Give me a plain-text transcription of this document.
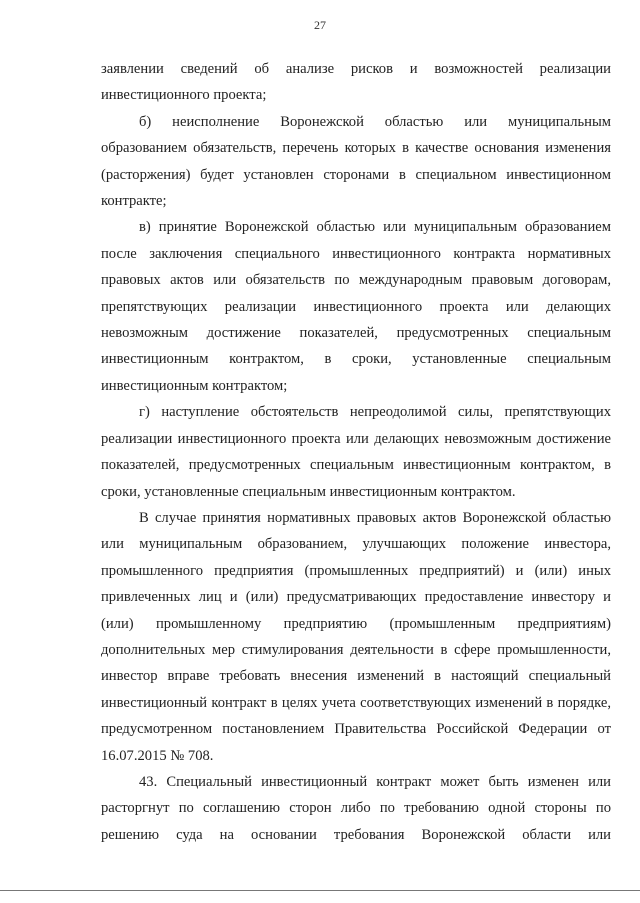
27

заявлении сведений об анализе рисков и возможностей реализации инвестиционного проекта;

б) неисполнение Воронежской областью или муниципальным образованием обязательств, перечень которых в качестве основания изменения (расторжения) будет установлен сторонами в специальном инвестиционном контракте;

в) принятие Воронежской областью или муниципальным образованием после заключения специального инвестиционного контракта нормативных правовых актов или обязательств по международным правовым договорам, препятствующих реализации инвестиционного проекта или делающих невозможным достижение показателей, предусмотренных специальным инвестиционным контрактом, в сроки, установленные специальным инвестиционным контрактом;

г) наступление обстоятельств непреодолимой силы, препятствующих реализации инвестиционного проекта или делающих невозможным достижение показателей, предусмотренных специальным инвестиционным контрактом, в сроки, установленные специальным инвестиционным контрактом.

В случае принятия нормативных правовых актов Воронежской областью или муниципальным образованием, улучшающих положение инвестора, промышленного предприятия (промышленных предприятий) и (или) иных привлеченных лиц и (или) предусматривающих предоставление инвестору и (или) промышленному предприятию (промышленным предприятиям) дополнительных мер стимулирования деятельности в сфере промышленности, инвестор вправе требовать внесения изменений в настоящий специальный инвестиционный контракт в целях учета соответствующих изменений в порядке, предусмотренном постановлением Правительства Российской Федерации от 16.07.2015 № 708.

43. Специальный инвестиционный контракт может быть изменен или расторгнут по соглашению сторон либо по требованию одной стороны по решению суда на основании требования Воронежской области или
